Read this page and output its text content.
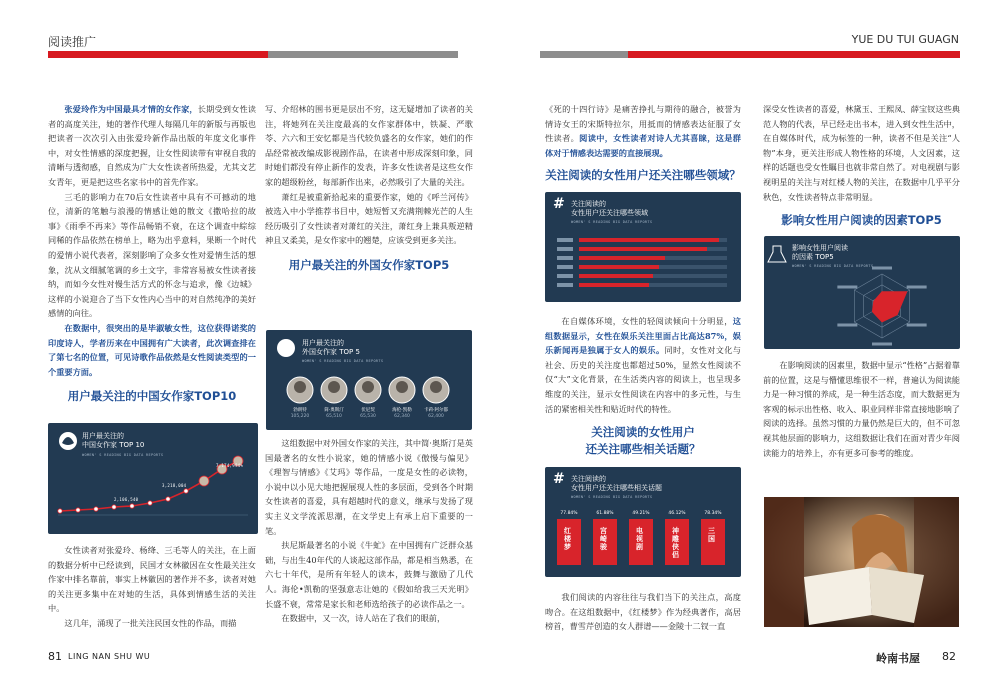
阅读推广	YUE DU TUI GUAGN

张爱玲作为中国最具才情的女作家，长期受到女性读者的高度关注，她的著作代理人每隔几年的新版与再版也把读者一次次引入由张爱玲新作品出版的年度文化事件中，对女性情感的深度把握，让女性阅读带有审视自我的清晰与透彻感，自然成为广大女性读者所热爱，尤其文艺女青年，更是把这些名家书中的首先作家。

三毛的影响力在70后女性读者中具有不可撼动的地位，清新的笔触与浪漫的情感让她的散文《撒哈拉的故事》《雨季不再来》等作品畅销不衰，在这个调查中綜综同稀的作品依然在榜单上，略为出乎意料，果断一个时代的爱情小说代表者，深刻影响了众多女性对爱情生活的想象，沈从文细腻笔调的乡土文字，非常容易被女性读者接纳，而如今女性对慢生活方式的怀念与追求，像《边城》这样的小说迎合了当下女性内心当中的对自然纯净的美好感情的向往。

在数据中，很突出的是毕淑敏女性，这位获得诺奖的印度诗人，学者历来在中国拥有广大读者，此次调查排在了第七名的位置，可见诗歌作品依然是女性阅读类型的一个重要方面。

用户最关注的中国女作家TOP10
用户最关注的
中国女作家 TOP 10
WOMEN' S READING BIG DATA REPORTS
7,174,994%
3,218,004
2,106,540

女性读者对张爱玲、杨绛、三毛等人的关注，在上面的数据分析中已经读到，民国才女林徽因在女性最关注女作家中排名靠前，事实上林徽因的著作并不多，读者对她的关注更多集中在对她的生活，具体到情感生活的关注中。

这几年，涌现了一批关注民国女性的作品，而描

写、介绍林的围书更是层出不穷，这无疑增加了读者的关注，将她列在关注度最高的女作家群体中，铁凝、严歌苓、六六和王安忆都是当代较负盛名的女作家，她们的作品经常被改编成影视剧作品，在读者中形成深刻印象，同时她们都没有停止新作的发表，许多女性读者是这些女作家的超级粉丝，每部新作出来，必然吸引了大量的关注。

萧红是被重新拾起来的重要作家，她的《呼兰河传》被选入中小学推荐书目中，她短暂又充满荆棘光芒的人生经历吸引了女性读者对萧红的关注，萧红身上兼具叛逆精神且又柔美，是女作家中的翘楚，应该受到更多关注。

用户最关注的外国女作家TOP5
用户最关注的
外国女作家 TOP 5
WOMEN' S READING BIG DATA REPORTS
勃朗特
105,220
简·奥斯汀
65,510
伏尼契
65,530
海伦·凯勒
62,340
卡莉·阿尔都
62,400

这组数据中对外国女作家的关注，其中简·奥斯汀是英国最著名的女性小说家，她的情感小说《傲慢与偏见》《理智与情感》《艾玛》等作品，一度是女性的必读物，小说中以小见大地把握展现人性的多层面，受到各个时期女性读者的喜爱，具有超越时代的意义，继承与发扬了现实主义文学流派思潮，在文学史上有承上启下重要的一笔。

扶尼斯最著名的小说《牛虻》在中国拥有广泛群众基础，与出生40年代的人谈起这部作品，都是相当熟悉，在六七十年代，是所有年轻人的读本，鼓舞与激励了几代人。海伦•凯勒的坚强意志让她的《假如给我三天光明》长盛不衰，常常是家长和老师选给孩子的必读作品之一。

在数据中，又一次，诗人站在了我们的眼前，

《死的十四行诗》是痛苦挣扎与期待的融合，被誉为情诗女王的宋斯特拉尔，用抵而的情感表达征服了女性读者。阅读中，女性读者对诗人尤其喜睐，这是群体对于情感表达需要的直接展现。

关注阅读的女性用户还关注哪些领域？
# 关注阅读的
女性用户还关注哪些领域
WOMEN' S READING BIG DATA REPORTS

在自媒体环境，女性的轻阅读倾向十分明显，这组数据显示，女性在娱乐关注里面占比高达87%，娱乐新闻再是独属于女人的娱乐。同时，女性对文化与社会、历史的关注度也都超过50%，显然女性阅读不仅“大”文化背景，在生活类内容的阅读上，也呈现多维度的关注，显示女性阅读在内容中的多元性，与生活的紧密相关性和贴近时代的特性。

关注阅读的女性用户
还关注哪些相关话题？
# 关注阅读的
女性用户还关注哪些相关话题
WOMEN' S READING BIG DATA REPORTS
77.84%
红楼梦
61.88%
宫崎骏
49.21%
电视剧
46.12%
神雕侠侣
78.34%
三国

我们阅读的内容往往与我们当下的关注点，高度吻合。在这组数据中，《红楼梦》作为经典著作，高居榜首，曹雪芹创造的女人群谱——金陵十二钗一直

深受女性读者的喜爱，林黛玉、王熙凤、薛宝钗这些典范人物的代表，早已经走出书本，进入到女性生活中，在自媒体时代，成为标签的一种，读者不但是关注“人物”本身，更关注形成人物性格的环境，人文因素，这样的话题也受女性瞩目也就非常自然了。对电视剧与影视明星的关注与对红楼人物的关注，在数据中几乎平分秋色，女性读者特点非常明显。

影响女性用户阅读的因素TOP5
影响女性用户阅读
的因素 TOP5
WOMEN' S READING BIG DATA REPORTS

在影响阅读的因素里，数据中显示“性格”占据着靠前的位置，这是与懵懂思维很不一样，普遍认为阅读能力是一种习惯的养成，是一种生活态度，而大数据更为客观的标示出性格、收入、职业同样非常直接地影响了阅读的选择。虽然习惯的力量仍然是巨大的，但不可忽视其他层面的影响力，这组数据让我们在面对青少年阅读能力的培养上，亦有更多可参考的维度。

81 LING NAN SHU WU	岭南书屋 82
